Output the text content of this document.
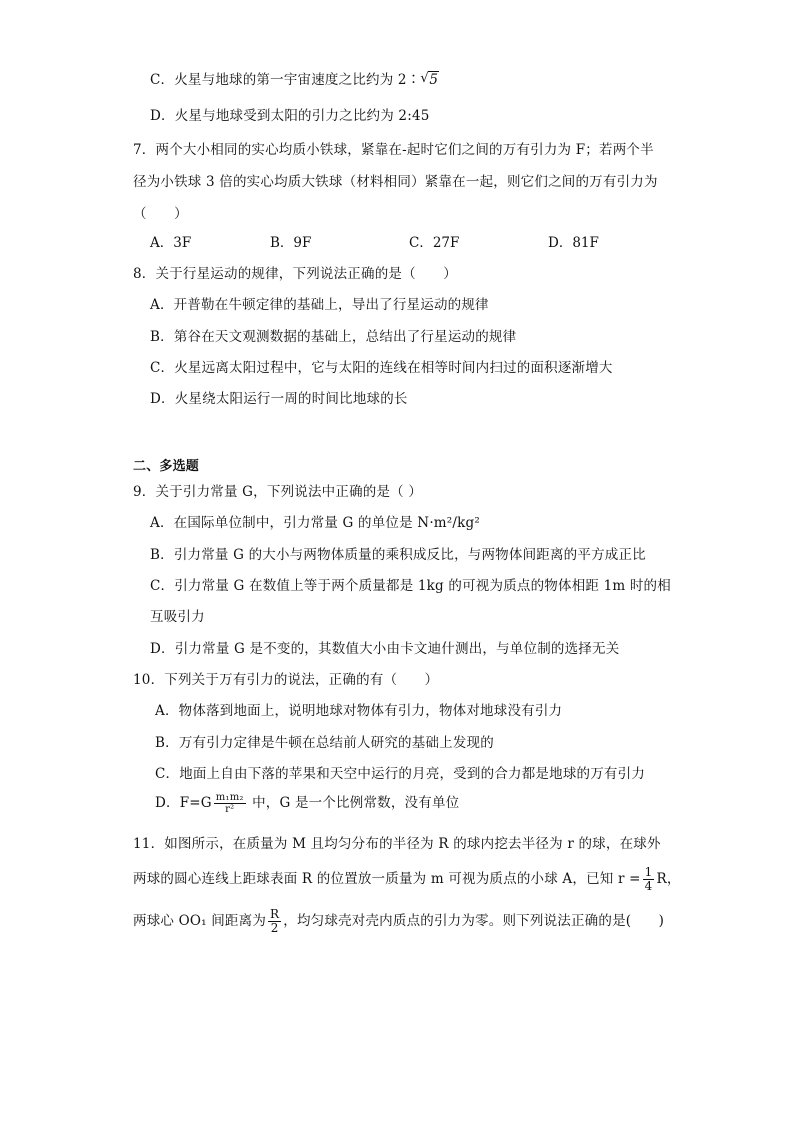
C．火星与地球的第一宇宙速度之比约为 2∶ √ 5
D．火星与地球受到太阳的引力之比约为 2:45
7．两个大小相同的实心均质小铁球，紧靠在-起时它们之间的万有引力为 F；若两个半
径为小铁球 3 倍的实心均质大铁球（材料相同）紧靠在一起，则它们之间的万有引力为
（　　）
A．3F	B．9F	C．27F	D．81F
8．关于行星运动的规律，下列说法正确的是（　　）
A．开普勒在牛顿定律的基础上，导出了行星运动的规律
B．第谷在天文观测数据的基础上，总结出了行星运动的规律
C．火星远离太阳过程中，它与太阳的连线在相等时间内扫过的面积逐渐增大
D．火星绕太阳运行一周的时间比地球的长
二、多选题
9．关于引力常量 G，下列说法中正确的是（ ）
A．在国际单位制中，引力常量 G 的单位是 N·m²/kg²
B．引力常量 G 的大小与两物体质量的乘积成反比，与两物体间距离的平方成正比
C．引力常量 G 在数值上等于两个质量都是 1kg 的可视为质点的物体相距 1m 时的相
互吸引力
D．引力常量 G 是不变的，其数值大小由卡文迪什测出，与单位制的选择无关
10．下列关于万有引力的说法，正确的有（　　）
A．物体落到地面上，说明地球对物体有引力，物体对地球没有引力
B．万有引力定律是牛顿在总结前人研究的基础上发现的
C．地面上自由下落的苹果和天空中运行的月亮，受到的合力都是地球的万有引力
D．$F=G \frac{\text{m₁m₂}}{\text{r²}}$ 中，G 是一个比例常数，没有单位
11．如图所示，在质量为 M 且均匀分布的半径为 R 的球内挖去半径为 r 的球，在球外
两球的圆心连线上距球表面 R 的位置放一质量为 m 可视为质点的小球 A，已知 $r = \frac{1}{4}$ R，
两球心 OO₁ 间距离为 $\frac{R}{2}$ ，均匀球壳对壳内质点的引力为零。则下列说法正确的是(　　)
